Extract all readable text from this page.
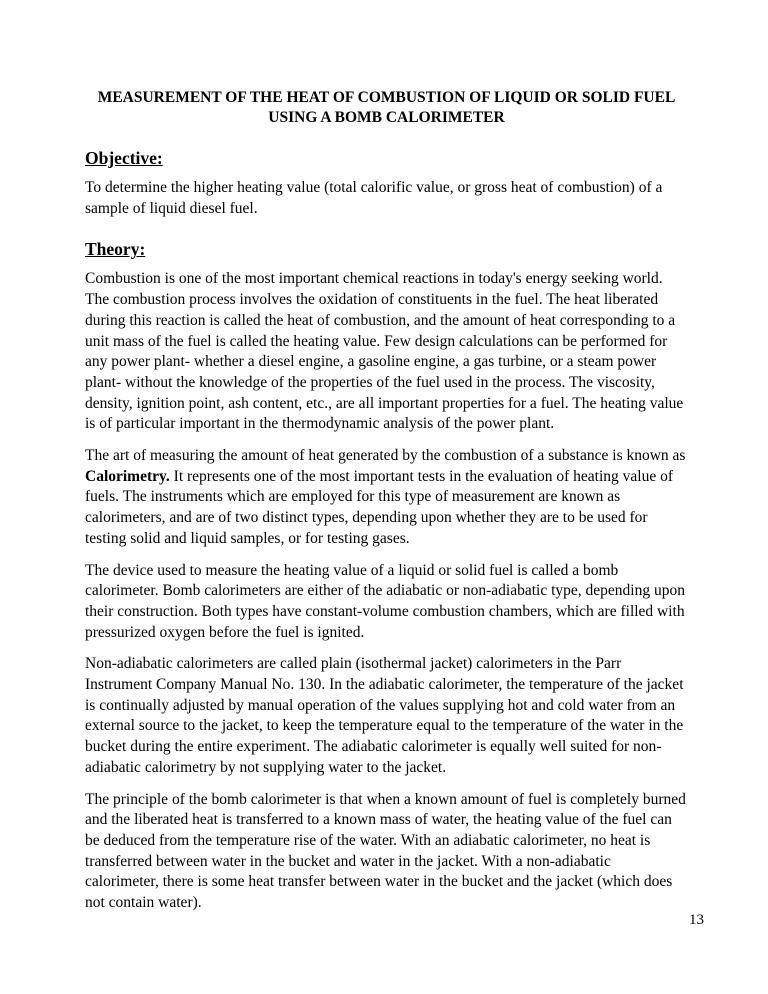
MEASUREMENT OF THE HEAT OF COMBUSTION OF LIQUID OR SOLID FUEL
USING A BOMB CALORIMETER
Objective:

To determine the higher heating value (total calorific value, or gross heat of combustion) of a sample of liquid diesel fuel.

Theory:

Combustion is one of the most important chemical reactions in today's energy seeking world. The combustion process involves the oxidation of constituents in the fuel. The heat liberated during this reaction is called the heat of combustion, and the amount of heat corresponding to a unit mass of the fuel is called the heating value. Few design calculations can be performed for any power plant- whether a diesel engine, a gasoline engine, a gas turbine, or a steam power plant- without the knowledge of the properties of the fuel used in the process. The viscosity, density, ignition point, ash content, etc., are all important properties for a fuel. The heating value is of particular important in the thermodynamic analysis of the power plant.

The art of measuring the amount of heat generated by the combustion of a substance is known as Calorimetry. It represents one of the most important tests in the evaluation of heating value of fuels. The instruments which are employed for this type of measurement are known as calorimeters, and are of two distinct types, depending upon whether they are to be used for testing solid and liquid samples, or for testing gases.

The device used to measure the heating value of a liquid or solid fuel is called a bomb calorimeter. Bomb calorimeters are either of the adiabatic or non-adiabatic type, depending upon their construction. Both types have constant-volume combustion chambers, which are filled with pressurized oxygen before the fuel is ignited.

Non-adiabatic calorimeters are called plain (isothermal jacket) calorimeters in the Parr Instrument Company Manual No. 130. In the adiabatic calorimeter, the temperature of the jacket is continually adjusted by manual operation of the values supplying hot and cold water from an external source to the jacket, to keep the temperature equal to the temperature of the water in the bucket during the entire experiment. The adiabatic calorimeter is equally well suited for non-adiabatic calorimetry by not supplying water to the jacket.

The principle of the bomb calorimeter is that when a known amount of fuel is completely burned and the liberated heat is transferred to a known mass of water, the heating value of the fuel can be deduced from the temperature rise of the water. With an adiabatic calorimeter, no heat is transferred between water in the bucket and water in the jacket. With a non-adiabatic calorimeter, there is some heat transfer between water in the bucket and the jacket (which does not contain water).

13
